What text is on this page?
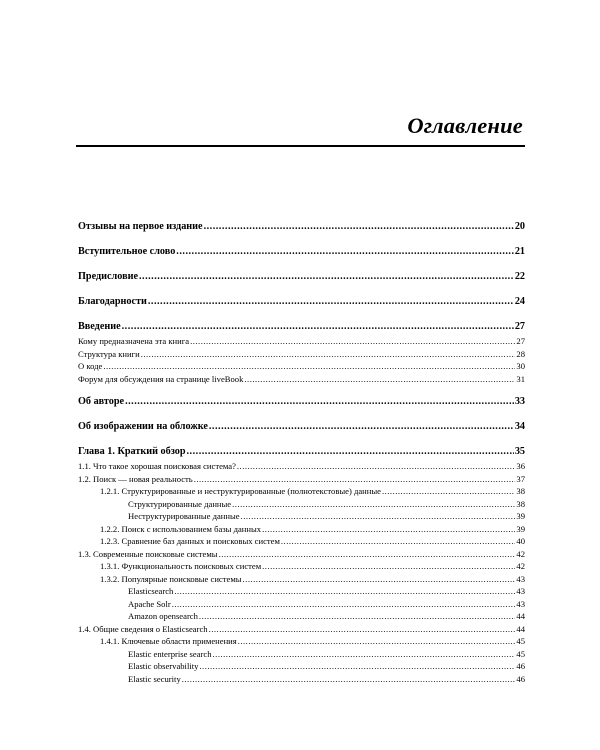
Оглавление
Отзывы на первое издание .....	20
Вступительное слово .....	21
Предисловие .....	22
Благодарности .....	24
Введение .....	27
Кому предназначена эта книга .....	27
Структура книги .....	28
О коде .....	30
Форум для обсуждения на странице liveBook .....	31
Об авторе .....	33
Об изображении на обложке .....	34
Глава 1. Краткий обзор .....	35
1.1. Что такое хорошая поисковая система? .....	36
1.2. Поиск — новая реальность .....	37
1.2.1. Структурированные и неструктурированные (полнотекстовые) данные .....	38
Структурированные данные .....	38
Неструктурированные данные .....	39
1.2.2. Поиск с использованием базы данных .....	39
1.2.3. Сравнение баз данных и поисковых систем .....	40
1.3. Современные поисковые системы .....	42
1.3.1. Функциональность поисковых систем .....	42
1.3.2. Популярные поисковые системы .....	43
Elasticsearch .....	43
Apache Solr .....	43
Amazon opensearch .....	44
1.4. Общие сведения о Elasticsearch .....	44
1.4.1. Ключевые области применения .....	45
Elastic enterprise search .....	45
Elastic observability .....	46
Elastic security .....	46
